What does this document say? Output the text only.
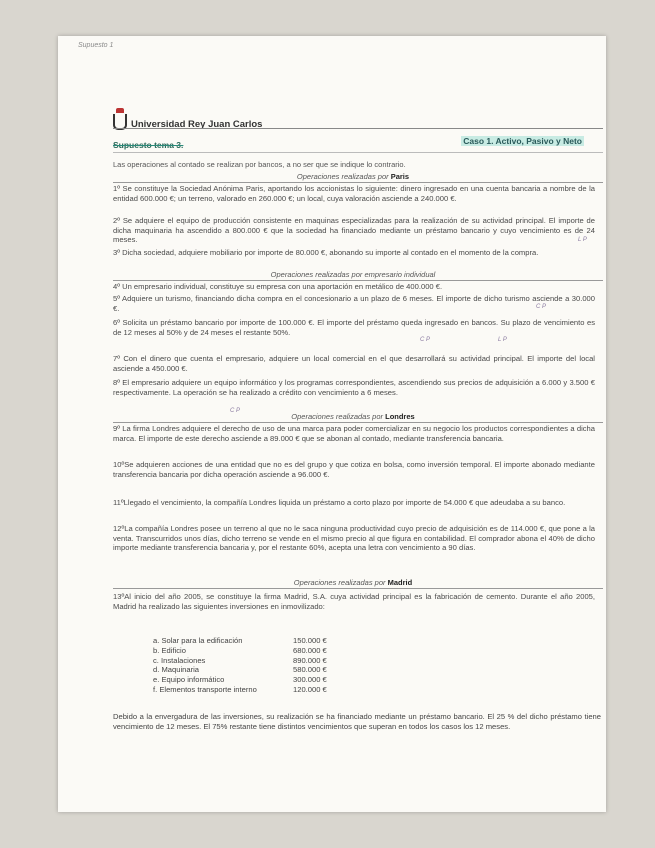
Supuesto 1
Universidad Rey Juan Carlos
Supuesto tema 3.	Caso 1. Activo, Pasivo y Neto
Las operaciones al contado se realizan por bancos, a no ser que se indique lo contrario.
Operaciones realizadas por Paris
1º Se constituye la Sociedad Anónima Paris, aportando los accionistas lo siguiente: dinero ingresado en una cuenta bancaria a nombre de la entidad 600.000 €; un terreno, valorado en 260.000 €; un local, cuya valoración asciende a 240.000 €.
2º Se adquiere el equipo de producción consistente en maquinas especializadas para la realización de su actividad principal. El importe de dicha maquinaria ha ascendido a 800.000 € que la sociedad ha financiado mediante un préstamo bancario y cuyo vencimiento es de 24 meses.
3º Dicha sociedad, adquiere mobiliario por importe de 80.000 €, abonando su importe al contado en el momento de la compra.
Operaciones realizadas por empresario individual
4º Un empresario individual, constituye su empresa con una aportación en metálico de 400.000 €.
5º Adquiere un turismo, financiando dicha compra en el concesionario a un plazo de 6 meses. El importe de dicho turismo asciende a 30.000 €.
6º Solicita un préstamo bancario por importe de 100.000 €. El importe del préstamo queda ingresado en bancos. Su plazo de vencimiento es de 12 meses al 50% y de 24 meses el restante 50%.
7º Con el dinero que cuenta el empresario, adquiere un local comercial en el que desarrollará su actividad principal. El importe del local asciende a 450.000 €.
8º El empresario adquiere un equipo informático y los programas correspondientes, ascendiendo sus precios de adquisición a 6.000 y 3.500 € respectivamente. La operación se ha realizado a crédito con vencimiento a 6 meses.
Operaciones realizadas por Londres
9º La firma Londres adquiere el derecho de uso de una marca para poder comercializar en su negocio los productos correspondientes a dicha marca. El importe de este derecho asciende a 89.000 € que se abonan al contado, mediante transferencia bancaria.
10ºSe adquieren acciones de una entidad que no es del grupo y que cotiza en bolsa, como inversión temporal. El importe abonado mediante transferencia bancaria por dicha operación asciende a 96.000 €.
11ºLlegado el vencimiento, la compañía Londres liquida un préstamo a corto plazo por importe de 54.000 € que adeudaba a su banco.
12ºLa compañía Londres posee un terreno al que no le saca ninguna productividad cuyo precio de adquisición es de 114.000 €, que pone a la venta. Transcurridos unos días, dicho terreno se vende en el mismo precio al que figura en contabilidad. El comprador abona el 40% de dicho importe mediante transferencia bancaria y, por el restante 60%, acepta una letra con vencimiento a 90 días.
Operaciones realizadas por Madrid
13ºAl inicio del año 2005, se constituye la firma Madrid, S.A. cuya actividad principal es la fabricación de cemento. Durante el año 2005, Madrid ha realizado las siguientes inversiones en inmovilizado:
a. Solar para la edificación	150.000 €
b. Edificio	680.000 €
c. Instalaciones	890.000 €
d. Maquinaria	580.000 €
e. Equipo informático	300.000 €
f. Elementos transporte interno	120.000 €
Debido a la envergadura de las inversiones, su realización se ha financiado mediante un préstamo bancario. El 25 % del dicho préstamo tiene vencimiento de 12 meses. El 75% restante tiene distintos vencimientos que superan en todos los casos los 12 meses.
L P
C P
C P	L P
C P
